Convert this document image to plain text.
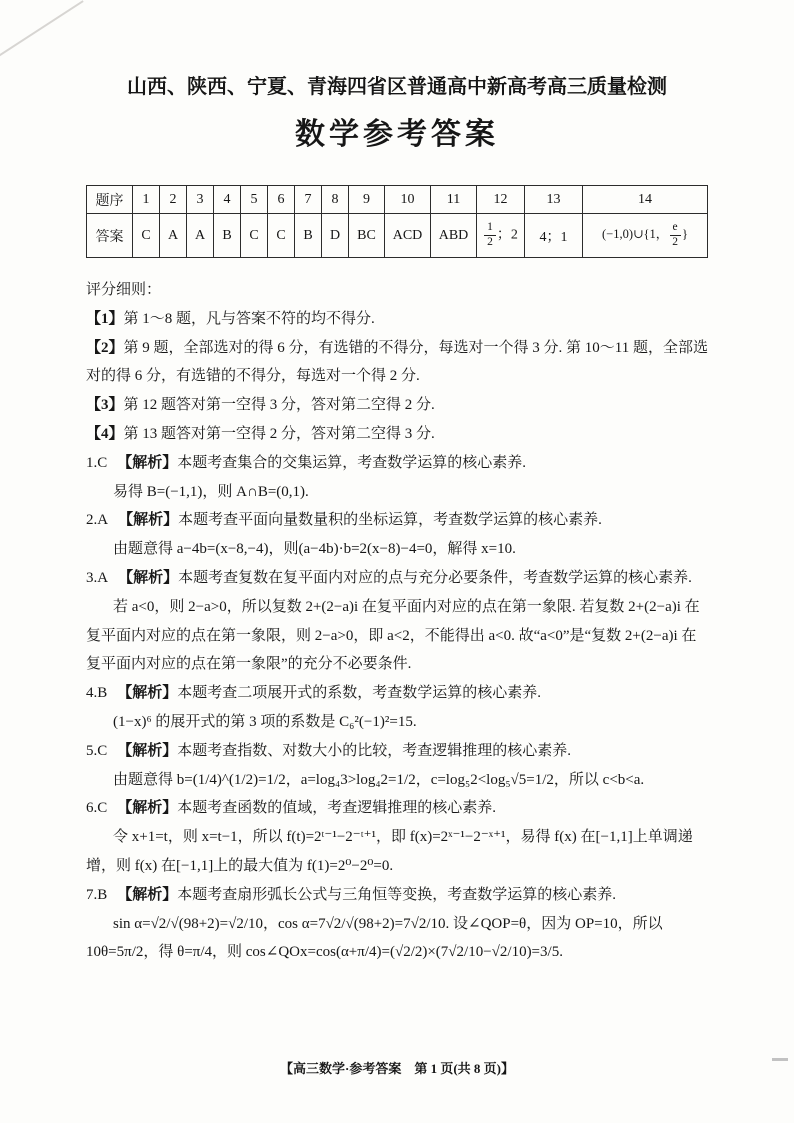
山西、陕西、宁夏、青海四省区普通高中新高考高三质量检测
数学参考答案
题序	1	2	3	4	5	6	7	8	9	10	11	12	13	14
答案	C	A	A	B	C	C	B	D	BC	ACD	ABD	$\frac{1}{2}$ ；2	4；1	(−1,0)∪{1， $\frac{e}{2}$ }

评分细则：

【1】第 1～8 题，凡与答案不符的均不得分.

【2】第 9 题，全部选对的得 6 分，有选错的不得分，每选对一个得 3 分. 第 10～11 题，全部选对的得 6 分，有选错的不得分，每选对一个得 2 分.

【3】第 12 题答对第一空得 3 分，答对第二空得 2 分.

【4】第 13 题答对第一空得 2 分，答对第二空得 3 分.

1.C 【解析】本题考查集合的交集运算，考查数学运算的核心素养.

易得 B=(−1,1)，则 A∩B=(0,1).

2.A 【解析】本题考查平面向量数量积的坐标运算，考查数学运算的核心素养.

由题意得 a−4b=(x−8,−4)，则(a−4b)·b=2(x−8)−4=0，解得 x=10.

3.A 【解析】本题考查复数在复平面内对应的点与充分必要条件，考查数学运算的核心素养.

若 a<0，则 2−a>0，所以复数 2+(2−a)i 在复平面内对应的点在第一象限. 若复数 2+(2−a)i 在复平面内对应的点在第一象限，则 2−a>0，即 a<2，不能得出 a<0. 故“a<0”是“复数 2+(2−a)i 在复平面内对应的点在第一象限”的充分不必要条件.

4.B 【解析】本题考查二项展开式的系数，考查数学运算的核心素养.

(1−x)⁶ 的展开式的第 3 项的系数是 C₆²(−1)²=15.

5.C 【解析】本题考查指数、对数大小的比较，考查逻辑推理的核心素养.

由题意得 b=(1/4)^(1/2)=1/2，a=log₄3>log₄2=1/2，c=log₅2<log₅√5=1/2，所以 c<b<a.

6.C 【解析】本题考查函数的值域，考查逻辑推理的核心素养.

令 x+1=t，则 x=t−1，所以 f(t)=2ᵗ⁻¹−2⁻ᵗ⁺¹，即 f(x)=2ˣ⁻¹−2⁻ˣ⁺¹，易得 f(x) 在[−1,1]上单调递增，则 f(x) 在[−1,1]上的最大值为 f(1)=2⁰−2⁰=0.

7.B 【解析】本题考查扇形弧长公式与三角恒等变换，考查数学运算的核心素养.

sin α=√2/√(98+2)=√2/10，cos α=7√2/√(98+2)=7√2/10. 设∠QOP=θ，因为 OP=10，所以 10θ=5π/2，得 θ=π/4，则 cos∠QOx=cos(α+π/4)=(√2/2)×(7√2/10−√2/10)=3/5.

【高三数学·参考答案　第 1 页(共 8 页)】
